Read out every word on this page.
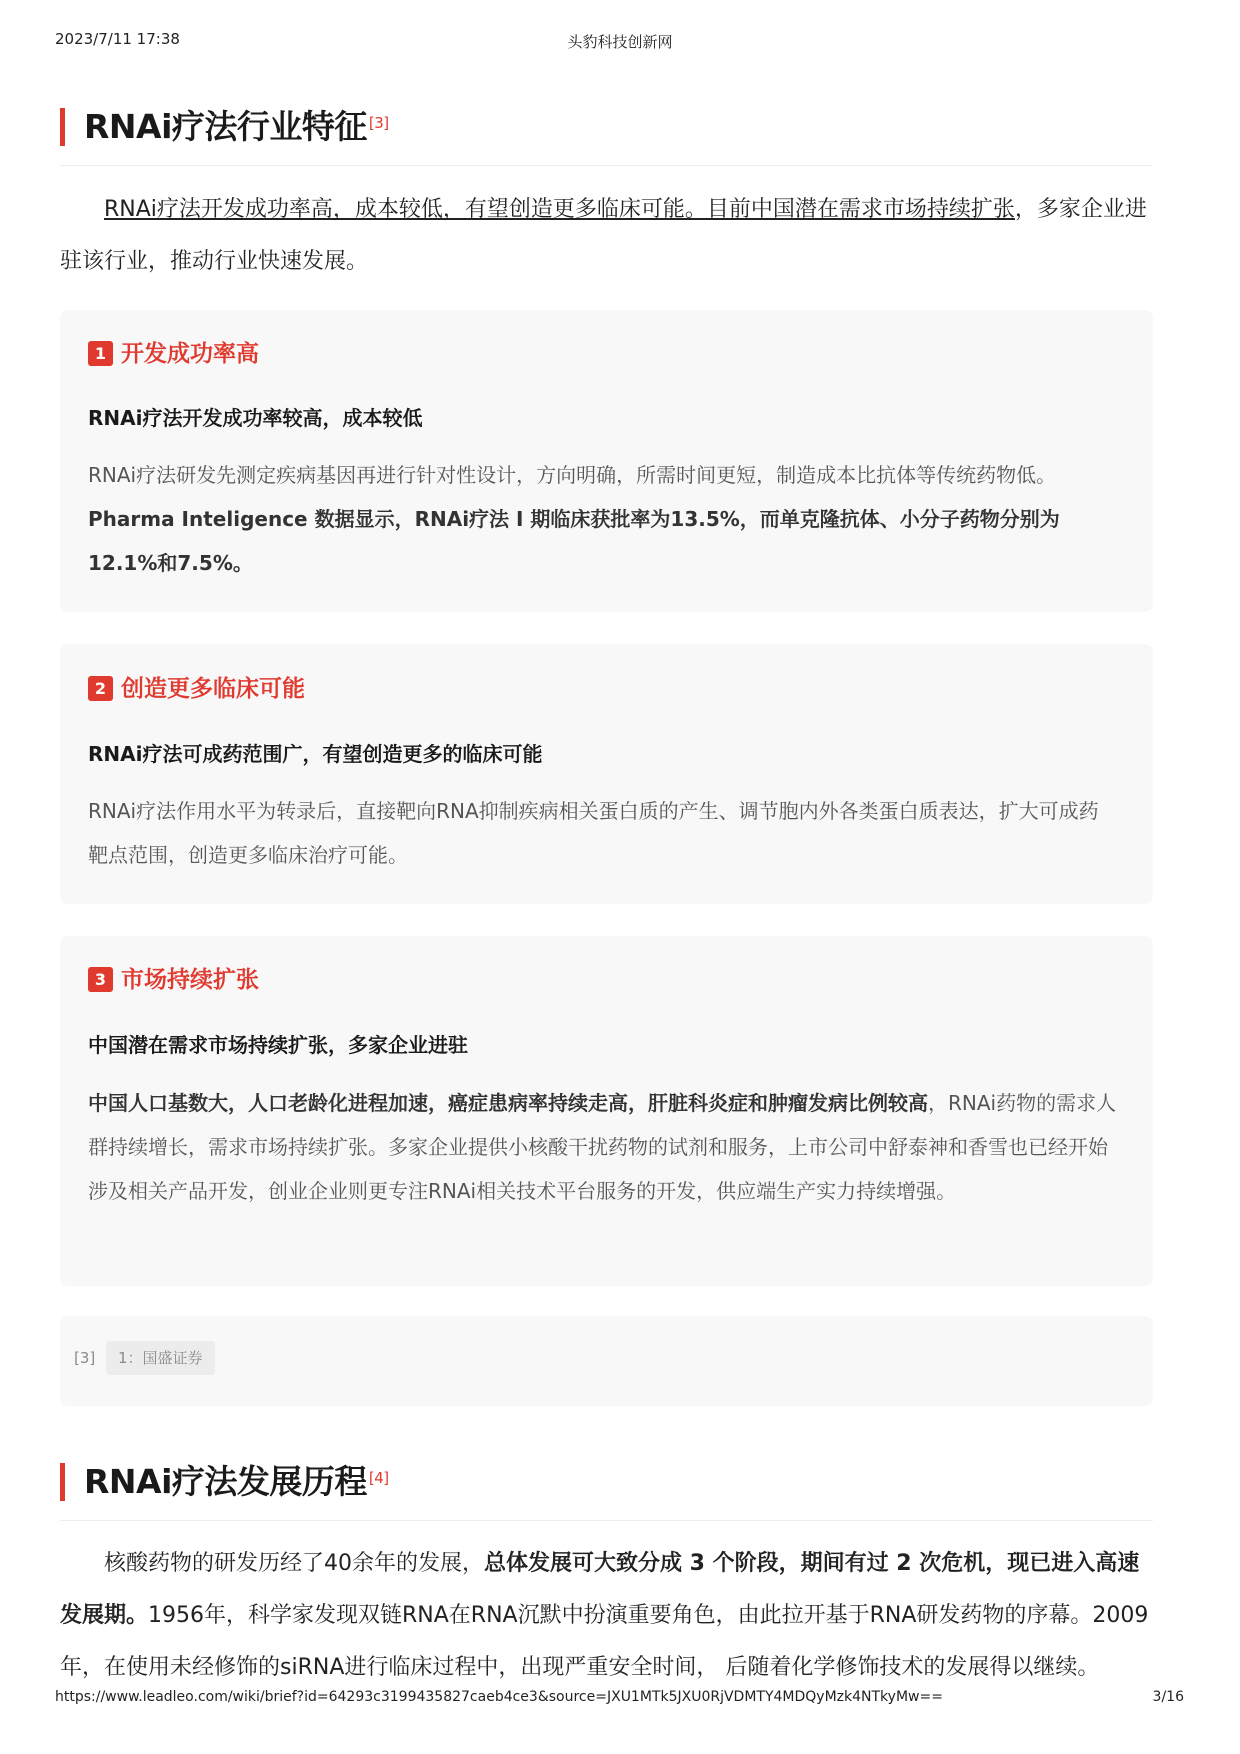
2023/7/11 17:38	头豹科技创新网
RNAi疗法行业特征 [3]
RNAi疗法开发成功率高，成本较低，有望创造更多临床可能。目前中国潜在需求市场持续扩张，多家企业进驻该行业，推动行业快速发展。
1 开发成功率高
RNAi疗法开发成功率较高，成本较低
RNAi疗法研发先测定疾病基因再进行针对性设计，方向明确，所需时间更短，制造成本比抗体等传统药物低。Pharma Inteligence 数据显示，RNAi疗法 I 期临床获批率为13.5%，而单克隆抗体、小分子药物分别为12.1%和7.5%。
2 创造更多临床可能
RNAi疗法可成药范围广，有望创造更多的临床可能
RNAi疗法作用水平为转录后，直接靶向RNA抑制疾病相关蛋白质的产生、调节胞内外各类蛋白质表达，扩大可成药靶点范围，创造更多临床治疗可能。
3 市场持续扩张
中国潜在需求市场持续扩张，多家企业进驻
中国人口基数大，人口老龄化进程加速，癌症患病率持续走高，肝脏科炎症和肿瘤发病比例较高，RNAi药物的需求人群持续增长，需求市场持续扩张。多家企业提供小核酸干扰药物的试剂和服务，上市公司中舒泰神和香雪也已经开始涉及相关产品开发，创业企业则更专注RNAi相关技术平台服务的开发，供应端生产实力持续增强。
[3]	1：国盛证券
RNAi疗法发展历程 [4]
核酸药物的研发历经了40余年的发展，总体发展可大致分成 3 个阶段，期间有过 2 次危机，现已进入高速发展期。1956年，科学家发现双链RNA在RNA沉默中扮演重要角色，由此拉开基于RNA研发药物的序幕。2009年，在使用未经修饰的siRNA进行临床过程中，出现严重安全时间， 后随着化学修饰技术的发展得以继续。
https://www.leadleo.com/wiki/brief?id=64293c3199435827caeb4ce3&source=JXU1MTk5JXU0RjVDMTY4MDQyMzk4NTkyMw==	3/16
